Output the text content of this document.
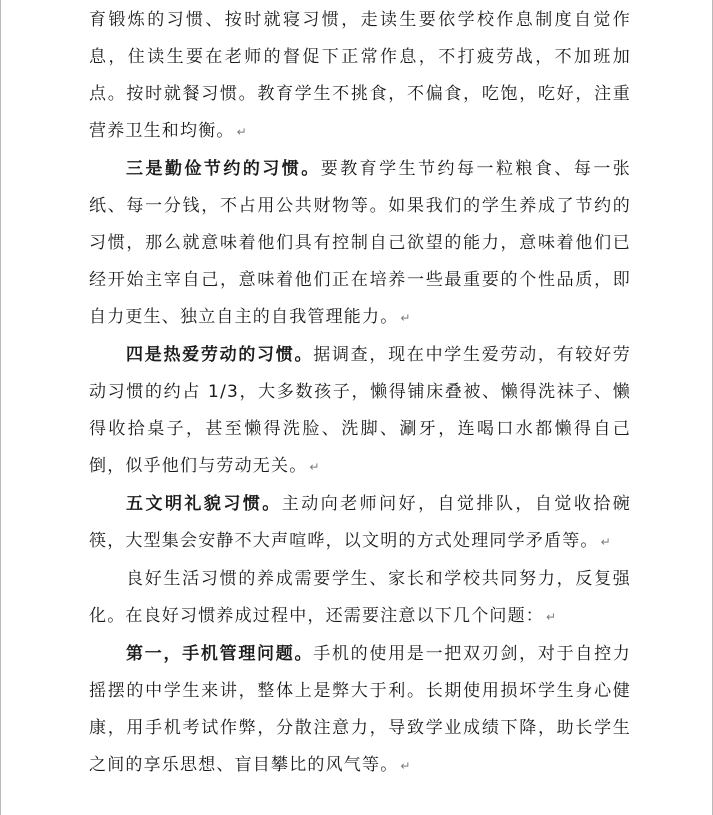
育锻炼的习惯、按时就寝习惯，走读生要依学校作息制度自觉作息，住读生要在老师的督促下正常作息，不打疲劳战，不加班加点。按时就餐习惯。教育学生不挑食，不偏食，吃饱，吃好，注重营养卫生和均衡。 ↵

三是勤俭节约的习惯。要教育学生节约每一粒粮食、每一张纸、每一分钱，不占用公共财物等。如果我们的学生养成了节约的习惯，那么就意味着他们具有控制自己欲望的能力，意味着他们已经开始主宰自己，意味着他们正在培养一些最重要的个性品质，即自力更生、独立自主的自我管理能力。 ↵

四是热爱劳动的习惯。据调查，现在中学生爱劳动，有较好劳动习惯的约占 1/3，大多数孩子，懒得铺床叠被、懒得洗袜子、懒得收拾桌子，甚至懒得洗脸、洗脚、涮牙，连喝口水都懒得自己倒，似乎他们与劳动无关。 ↵

五文明礼貌习惯。主动向老师问好，自觉排队，自觉收拾碗筷，大型集会安静不大声喧哗，以文明的方式处理同学矛盾等。 ↵

良好生活习惯的养成需要学生、家长和学校共同努力，反复强化。在良好习惯养成过程中，还需要注意以下几个问题： ↵

第一，手机管理问题。手机的使用是一把双刃剑，对于自控力摇摆的中学生来讲，整体上是弊大于利。长期使用损坏学生身心健康，用手机考试作弊，分散注意力，导致学业成绩下降，助长学生之间的享乐思想、盲目攀比的风气等。 ↵
